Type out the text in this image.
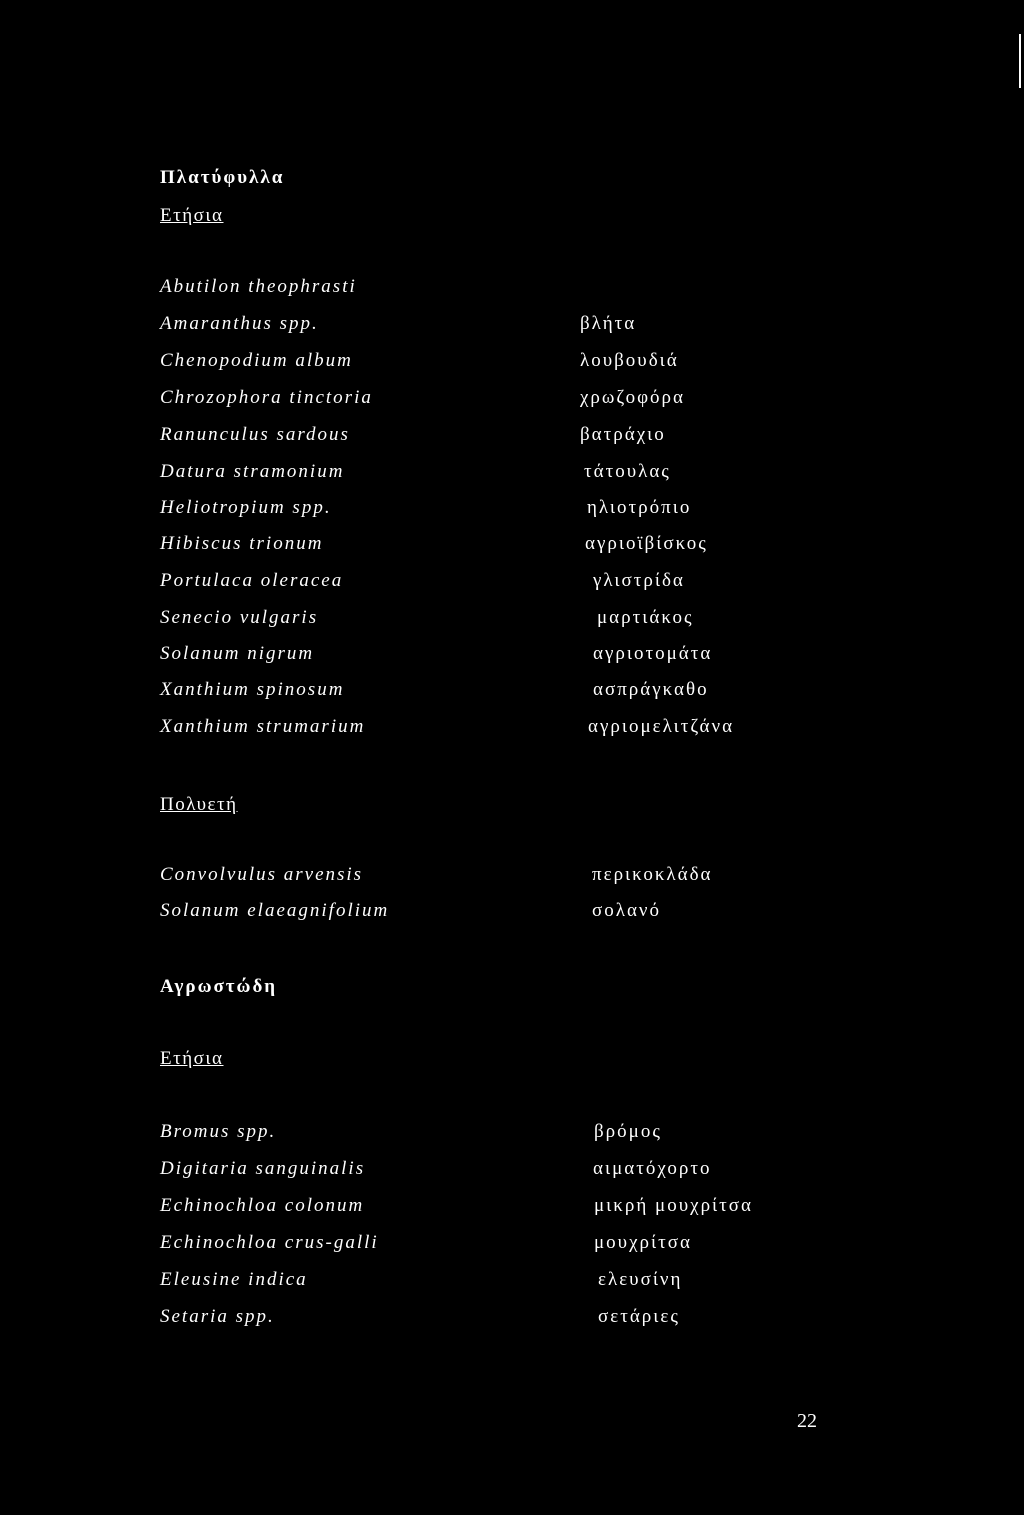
Πλατύφυλλα
Ετήσια
Abutilon theophrasti
Amaranthus spp.	βλήτα
Chenopodium album	λουβουδιά
Chrozophora tinctoria	χρωζοφόρα
Ranunculus sardous	βατράχιο
Datura stramonium	τάτουλας
Heliotropium spp.	ηλιοτρόπιο
Hibiscus trionum	αγριοϊβίσκος
Portulaca oleracea	γλιστρίδα
Senecio vulgaris	μαρτιάκος
Solanum nigrum	αγριοτομάτα
Xanthium spinosum	ασπράγκαθο
Xanthium strumarium	αγριομελιτζάνα
Πολυετή
Convolvulus arvensis	περικοκλάδα
Solanum elaeagnifolium	σολανό
Αγρωστώδη
Ετήσια
Bromus spp.	βρόμος
Digitaria sanguinalis	αιματόχορτο
Echinochloa colonum	μικρή μουχρίτσα
Echinochloa crus-galli	μουχρίτσα
Eleusine indica	ελευσίνη
Setaria spp.	σετάριες
22
